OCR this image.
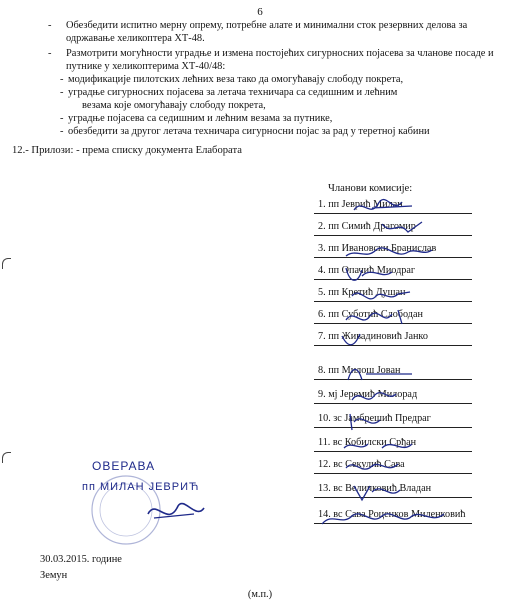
6
- Обезбедити испитно мерну опрему, потребне алате и минимални сток резервних делова за одржавање хеликоптера ХТ-48.
- Размотрити могућности уградње и измена постојећих сигурносних појасева за чланове посаде и путнике у хеликоптерима ХТ-40/48:
- модификације пилотских лећних веза тако да омогућавају слободу покрета,
- уградње сигурносних појасева за летача техничара са седишним и лећним
везама које омогућавају слободу покрета,
- уградње појасева са седишним и лећним везама за путнике,
- обезбедити за другог летача техничара сигурносни појас за рад у теретној кабини
12.- Прилози: - према списку документа Елабората
Чланови комисије:
1. пп Јеврић Милан
2. пп Симић Драгомир
3. пп Ивановски Бранислав
4. пп Опачић Миодраг
5. пп Кретић Душан
6. пп Суботић Слободан
7. пп Живадиновић Јанко
8. пп Милош Јован
9. мј Јеремић Милорад
10. зс Јамбрешић Предраг
11. вс Кобилски Срђан
12. вс Секулић Сава
13. вс Величковић Владан
14. вс Сава Роценков Миленковић
ОВЕРАВА
пп МИЛАН ЈЕВРИЋ
30.03.2015. године
Земун
(м.п.)
